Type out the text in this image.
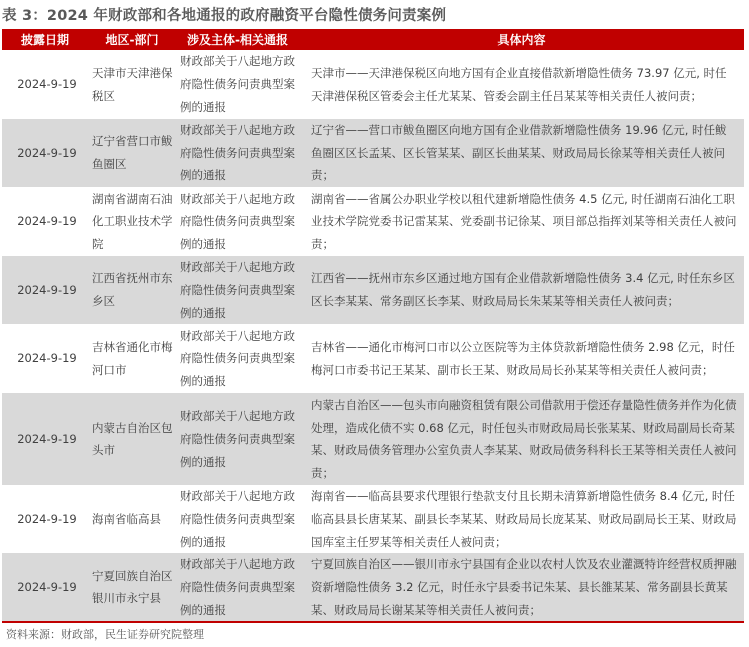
表 3：2024 年财政部和各地通报的政府融资平台隐性债务问责案例
披露日期	地区-部门	涉及主体-相关通报	具体内容
2024-9-19	天津市天津港保税区	财政部关于八起地方政府隐性债务问责典型案例的通报	天津市——天津港保税区向地方国有企业直接借款新增隐性债务 73.97 亿元, 时任天津港保税区管委会主任尤某某、管委会副主任吕某某等相关责任人被问责；
2024-9-19	辽宁省营口市鲅鱼圈区	财政部关于八起地方政府隐性债务问责典型案例的通报	辽宁省——营口市鲅鱼圈区向地方国有企业借款新增隐性债务 19.96 亿元, 时任鲅鱼圈区区长孟某、区长管某某、副区长曲某某、财政局局长徐某等相关责任人被问责；
2024-9-19	湖南省湖南石油化工职业技术学院	财政部关于八起地方政府隐性债务问责典型案例的通报	湖南省——省属公办职业学校以租代建新增隐性债务 4.5 亿元, 时任湖南石油化工职业技术学院党委书记雷某某、党委副书记徐某、项目部总指挥刘某等相关责任人被问责；
2024-9-19	江西省抚州市东乡区	财政部关于八起地方政府隐性债务问责典型案例的通报	江西省——抚州市东乡区通过地方国有企业借款新增隐性债务 3.4 亿元, 时任东乡区区长李某某、常务副区长李某、财政局局长朱某某等相关责任人被问责；
2024-9-19	吉林省通化市梅河口市	财政部关于八起地方政府隐性债务问责典型案例的通报	吉林省——通化市梅河口市以公立医院等为主体贷款新增隐性债务 2.98 亿元，时任梅河口市委书记王某某、副市长王某、财政局局长孙某某等相关责任人被问责；
2024-9-19	内蒙古自治区包头市	财政部关于八起地方政府隐性债务问责典型案例的通报	内蒙古自治区——包头市向融资租赁有限公司借款用于偿还存量隐性债务并作为化债处理，造成化债不实 0.68 亿元，时任包头市财政局局长张某某、财政局副局长奇某某、财政局债务管理办公室负责人李某某、财政局债务科科长王某等相关责任人被问责；
2024-9-19	海南省临高县	财政部关于八起地方政府隐性债务问责典型案例的通报	海南省——临高县要求代理银行垫款支付且长期未清算新增隐性债务 8.4 亿元, 时任临高县县长唐某某、副县长李某某、财政局局长庞某某、财政局副局长王某、财政局国库室主任罗某等相关责任人被问责；
2024-9-19	宁夏回族自治区银川市永宁县	财政部关于八起地方政府隐性债务问责典型案例的通报	宁夏回族自治区——银川市永宁县国有企业以农村人饮及农业灌溉特许经营权质押融资新增隐性债务 3.2 亿元，时任永宁县委书记朱某、县长雒某某、常务副县长黄某某、财政局局长谢某某等相关责任人被问责；
资料来源：财政部，民生证券研究院整理
